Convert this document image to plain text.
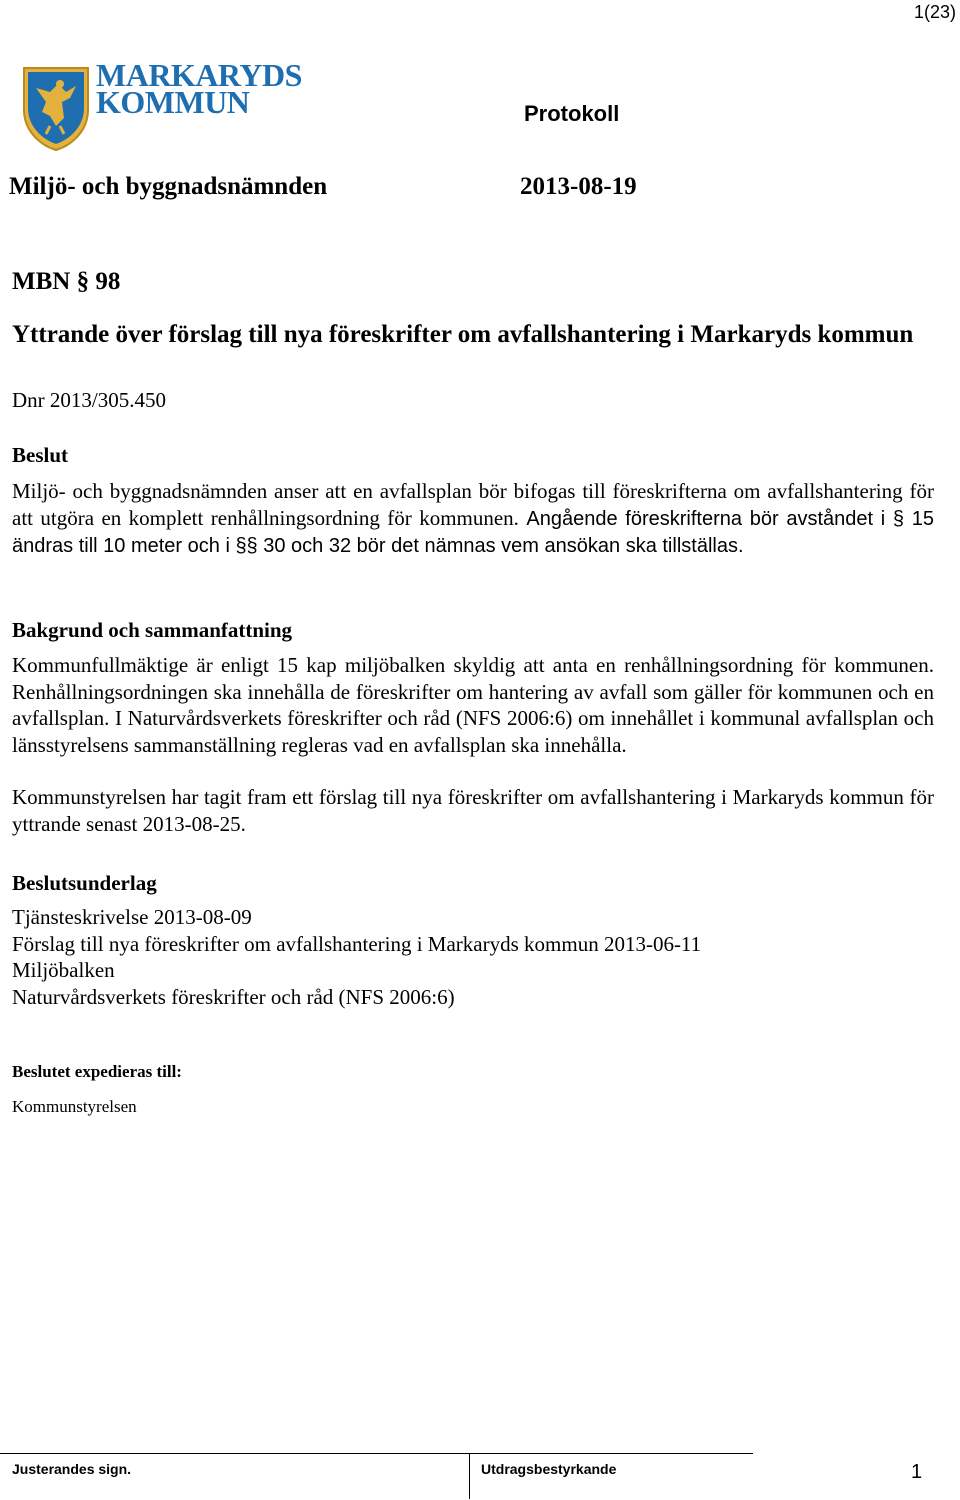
1(23)
MARKARYDS
KOMMUN	Protokoll
Miljö- och byggnadsnämnden	2013-08-19
MBN § 98
Yttrande över förslag till nya föreskrifter om avfallshantering i Markaryds kommun
Dnr 2013/305.450
Beslut
Miljö- och byggnadsnämnden anser att en avfallsplan bör bifogas till föreskrifterna om avfallshantering för att utgöra en komplett renhållningsordning för kommunen. Angående föreskrifterna bör avståndet i § 15 ändras till 10 meter och i §§ 30 och 32 bör det nämnas vem ansökan ska tillställas.
Bakgrund och sammanfattning
Kommunfullmäktige är enligt 15 kap miljöbalken skyldig att anta en renhållningsordning för kommunen. Renhållningsordningen ska innehålla de föreskrifter om hantering av avfall som gäller för kommunen och en avfallsplan. I Naturvårdsverkets föreskrifter och råd (NFS 2006:6) om innehållet i kommunal avfallsplan och länsstyrelsens sammanställning regleras vad en avfallsplan ska innehålla.
Kommunstyrelsen har tagit fram ett förslag till nya föreskrifter om avfallshantering i Markaryds kommun för yttrande senast 2013-08-25.
Beslutsunderlag
Tjänsteskrivelse 2013-08-09
Förslag till nya föreskrifter om avfallshantering i Markaryds kommun 2013-06-11
Miljöbalken
Naturvårdsverkets föreskrifter och råd (NFS 2006:6)
Beslutet expedieras till:
Kommunstyrelsen
Justerandes sign.	Utdragsbestyrkande	1
